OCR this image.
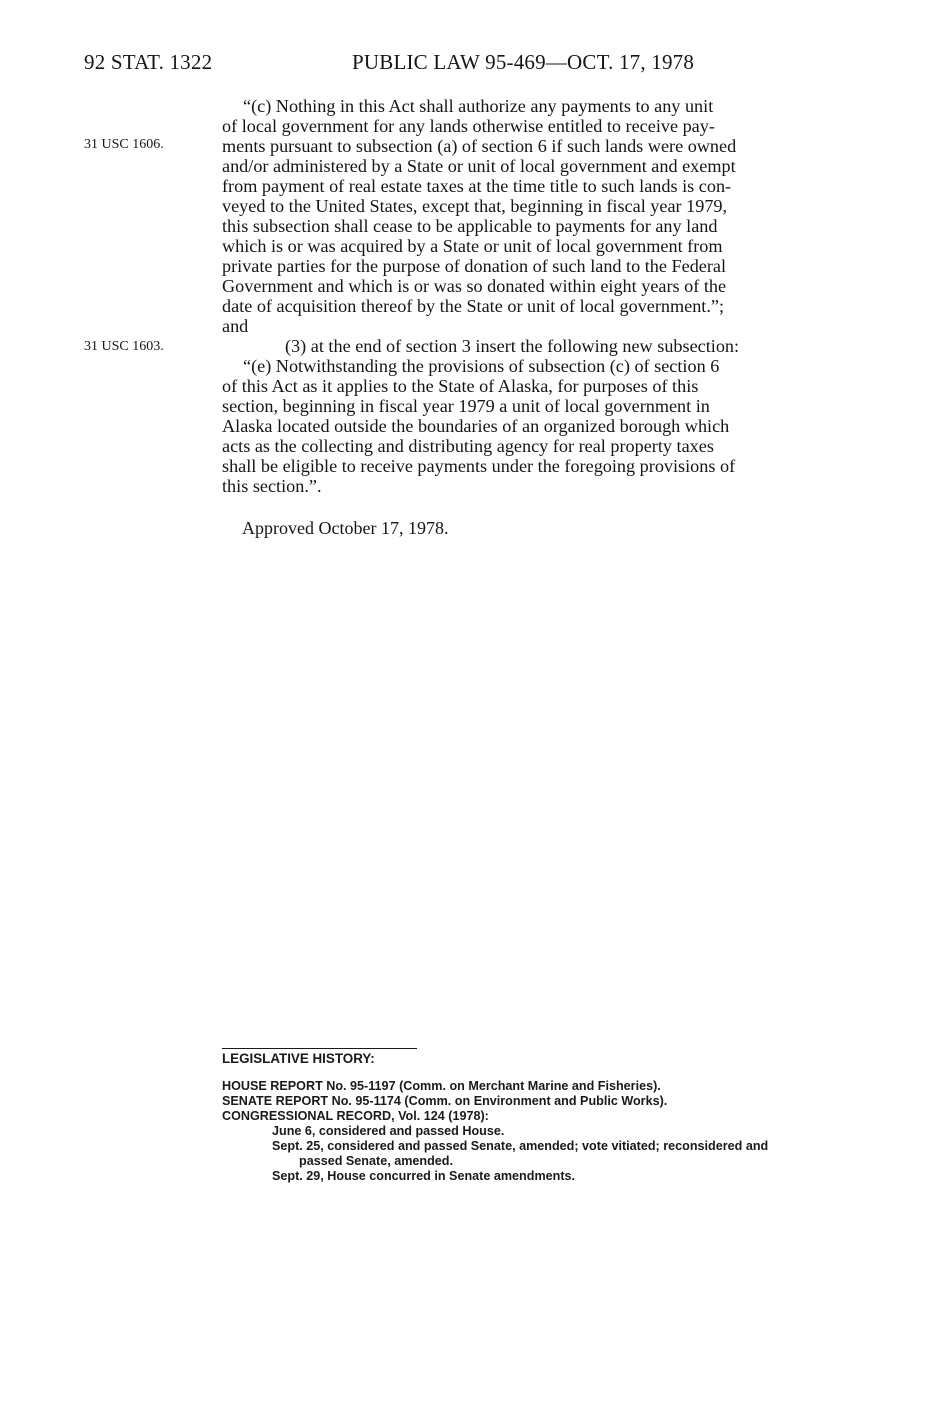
92 STAT. 1322	PUBLIC LAW 95-469—OCT. 17, 1978
31 USC 1606.
31 USC 1603.
“(c) Nothing in this Act shall authorize any payments to any unit
of local government for any lands otherwise entitled to receive pay-
ments pursuant to subsection (a) of section 6 if such lands were owned
and/or administered by a State or unit of local government and exempt
from payment of real estate taxes at the time title to such lands is con-
veyed to the United States, except that, beginning in fiscal year 1979,
this subsection shall cease to be applicable to payments for any land
which is or was acquired by a State or unit of local government from
private parties for the purpose of donation of such land to the Federal
Government and which is or was so donated within eight years of the
date of acquisition thereof by the State or unit of local government.”;
and
(3) at the end of section 3 insert the following new subsection:
“(e) Notwithstanding the provisions of subsection (c) of section 6
of this Act as it applies to the State of Alaska, for purposes of this
section, beginning in fiscal year 1979 a unit of local government in
Alaska located outside the boundaries of an organized borough which
acts as the collecting and distributing agency for real property taxes
shall be eligible to receive payments under the foregoing provisions of
this section.”.
Approved October 17, 1978.
LEGISLATIVE HISTORY:
HOUSE REPORT No. 95-1197 (Comm. on Merchant Marine and Fisheries).
SENATE REPORT No. 95-1174 (Comm. on Environment and Public Works).
CONGRESSIONAL RECORD, Vol. 124 (1978):
June 6, considered and passed House.
Sept. 25, considered and passed Senate, amended; vote vitiated; reconsidered and
passed Senate, amended.
Sept. 29, House concurred in Senate amendments.
